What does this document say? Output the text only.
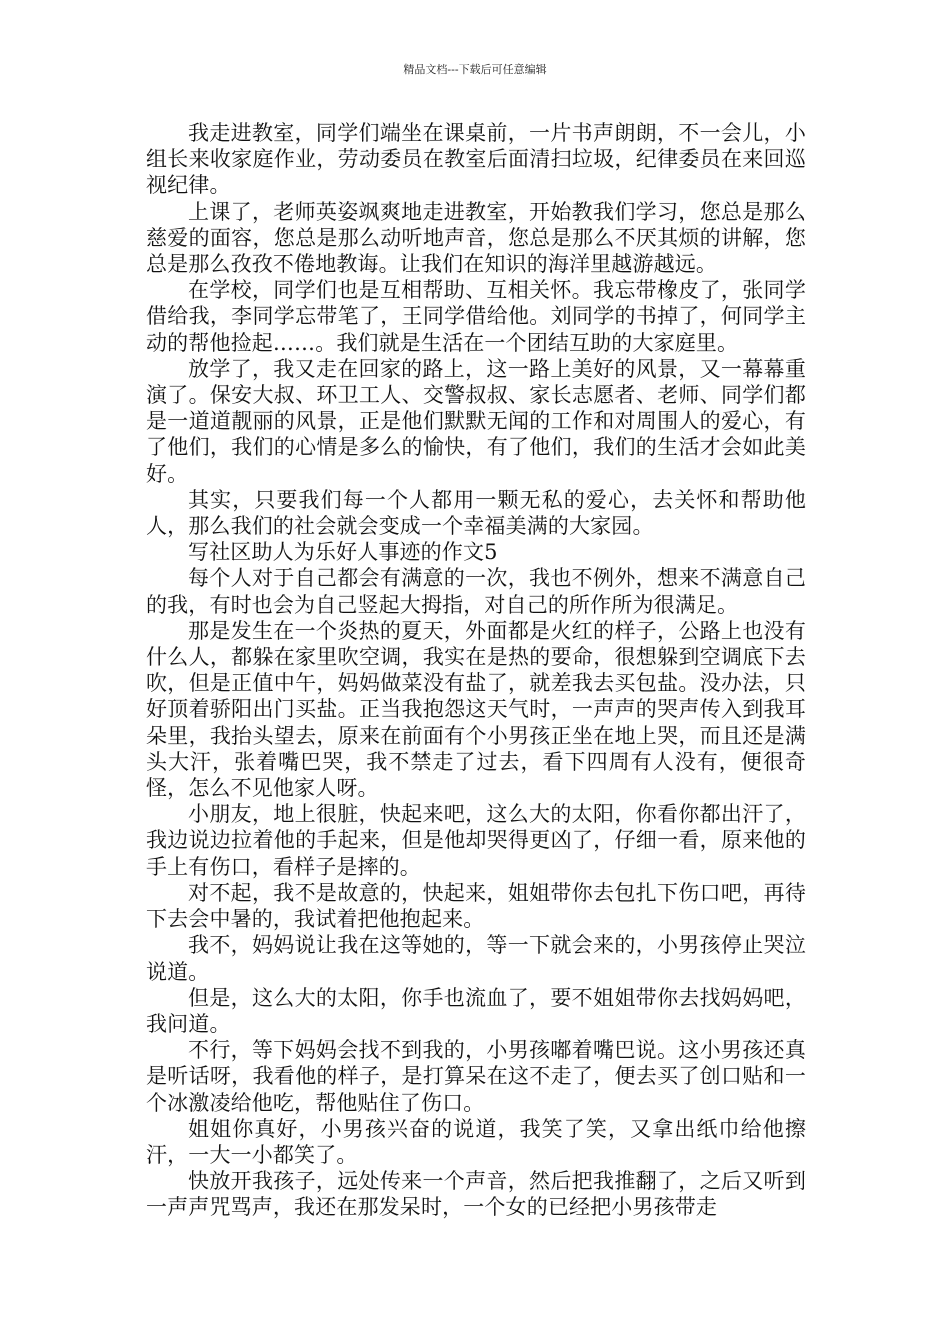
精品文档---下载后可任意编辑

我走进教室，同学们端坐在课桌前，一片书声朗朗，不一会儿，小组长来收家庭作业，劳动委员在教室后面清扫垃圾，纪律委员在来回巡视纪律。

上课了，老师英姿飒爽地走进教室，开始教我们学习，您总是那么慈爱的面容，您总是那么动听地声音，您总是那么不厌其烦的讲解，您总是那么孜孜不倦地教诲。让我们在知识的海洋里越游越远。

在学校，同学们也是互相帮助、互相关怀。我忘带橡皮了，张同学借给我，李同学忘带笔了，王同学借给他。刘同学的书掉了，何同学主动的帮他捡起……。我们就是生活在一个团结互助的大家庭里。

放学了，我又走在回家的路上，这一路上美好的风景，又一幕幕重演了。保安大叔、环卫工人、交警叔叔、家长志愿者、老师、同学们都是一道道靓丽的风景，正是他们默默无闻的工作和对周围人的爱心，有了他们，我们的心情是多么的愉快，有了他们，我们的生活才会如此美好。

其实，只要我们每一个人都用一颗无私的爱心，去关怀和帮助他人，那么我们的社会就会变成一个幸福美满的大家园。

写社区助人为乐好人事迹的作文5

每个人对于自己都会有满意的一次，我也不例外，想来不满意自己的我，有时也会为自己竖起大拇指，对自己的所作所为很满足。

那是发生在一个炎热的夏天，外面都是火红的样子，公路上也没有什么人，都躲在家里吹空调，我实在是热的要命，很想躲到空调底下去吹，但是正值中午，妈妈做菜没有盐了，就差我去买包盐。没办法，只好顶着骄阳出门买盐。正当我抱怨这天气时，一声声的哭声传入到我耳朵里，我抬头望去，原来在前面有个小男孩正坐在地上哭，而且还是满头大汗，张着嘴巴哭，我不禁走了过去，看下四周有人没有，便很奇怪，怎么不见他家人呀。

小朋友，地上很脏，快起来吧，这么大的太阳，你看你都出汗了，我边说边拉着他的手起来，但是他却哭得更凶了，仔细一看，原来他的手上有伤口，看样子是摔的。

对不起，我不是故意的，快起来，姐姐带你去包扎下伤口吧，再待下去会中暑的，我试着把他抱起来。

我不，妈妈说让我在这等她的，等一下就会来的，小男孩停止哭泣说道。

但是，这么大的太阳，你手也流血了，要不姐姐带你去找妈妈吧，我问道。

不行，等下妈妈会找不到我的，小男孩嘟着嘴巴说。这小男孩还真是听话呀，我看他的样子，是打算呆在这不走了，便去买了创口贴和一个冰激凌给他吃，帮他贴住了伤口。

姐姐你真好，小男孩兴奋的说道，我笑了笑，又拿出纸巾给他擦汗，一大一小都笑了。

快放开我孩子，远处传来一个声音，然后把我推翻了，之后又听到一声声咒骂声，我还在那发呆时，一个女的已经把小男孩带走
